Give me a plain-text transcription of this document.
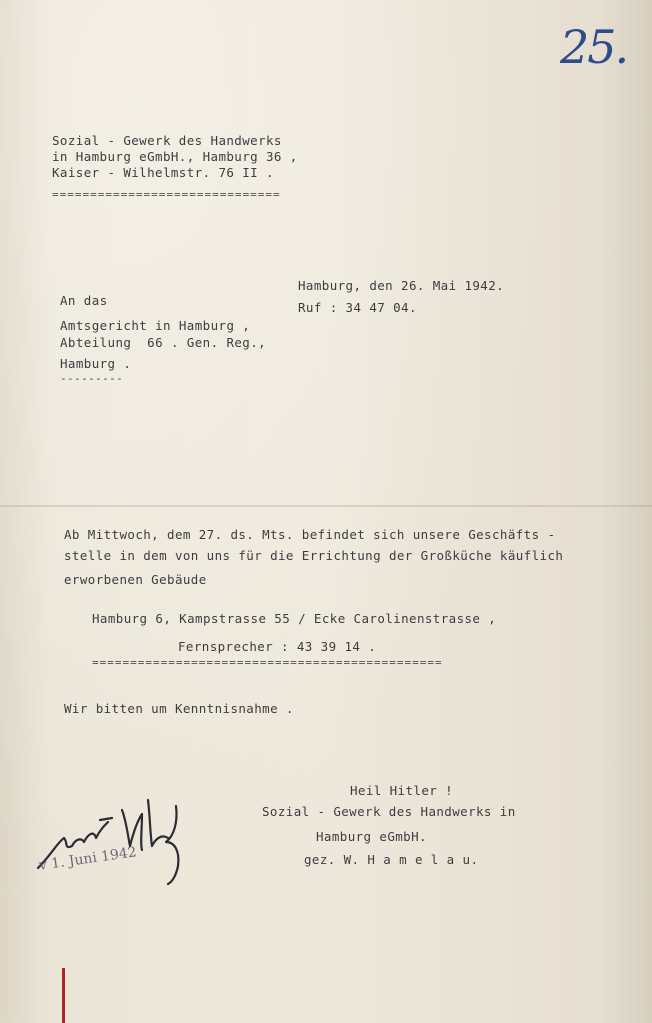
25.
Sozial - Gewerk des Handwerks
in Hamburg eGmbH., Hamburg 36 ,
Kaiser - Wilhelmstr. 76 II .
==============================
Hamburg, den 26. Mai 1942.
Ruf : 34 47 04.
An das
Amtsgericht in Hamburg ,
Abteilung  66 . Gen. Reg.,
Hamburg .
---------
Ab Mittwoch, dem 27. ds. Mts. befindet sich unsere Geschäfts -
stelle in dem von uns für die Errichtung der Großküche käuflich
erworbenen Gebäude
Hamburg 6, Kampstrasse 55 / Ecke Carolinenstrasse ,
Fernsprecher : 43 39 14 .
==============================================
Wir bitten um Kenntnisnahme .
Heil Hitler !
Sozial - Gewerk des Handwerks in
Hamburg eGmbH.
gez. W. H a m e l a u.
v 1. Juni 1942
